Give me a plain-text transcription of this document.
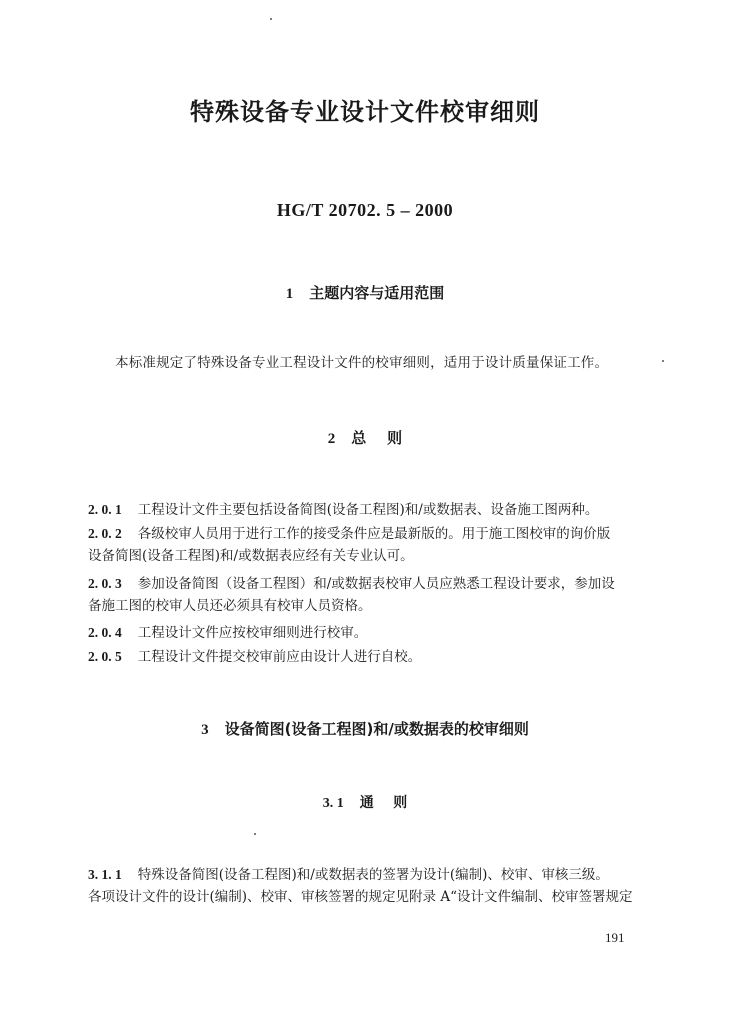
特殊设备专业设计文件校审细则
HG/T 20702. 5 – 2000
1 主题内容与适用范围
本标准规定了特殊设备专业工程设计文件的校审细则，适用于设计质量保证工作。
2 总    则
2. 0. 1 工程设计文件主要包括设备简图(设备工程图)和/或数据表、设备施工图两种。
2. 0. 2 各级校审人员用于进行工作的接受条件应是最新版的。用于施工图校审的询价版
设备简图(设备工程图)和/或数据表应经有关专业认可。
2. 0. 3 参加设备简图（设备工程图）和/或数据表校审人员应熟悉工程设计要求，参加设
备施工图的校审人员还必须具有校审人员资格。
2. 0. 4 工程设计文件应按校审细则进行校审。
2. 0. 5 工程设计文件提交校审前应由设计人进行自校。
3 设备简图(设备工程图)和/或数据表的校审细则
3. 1 通    则
3. 1. 1 特殊设备简图(设备工程图)和/或数据表的签署为设计(编制)、校审、审核三级。
各项设计文件的设计(编制)、校审、审核签署的规定见附录 A“设计文件编制、校审签署规定
191
